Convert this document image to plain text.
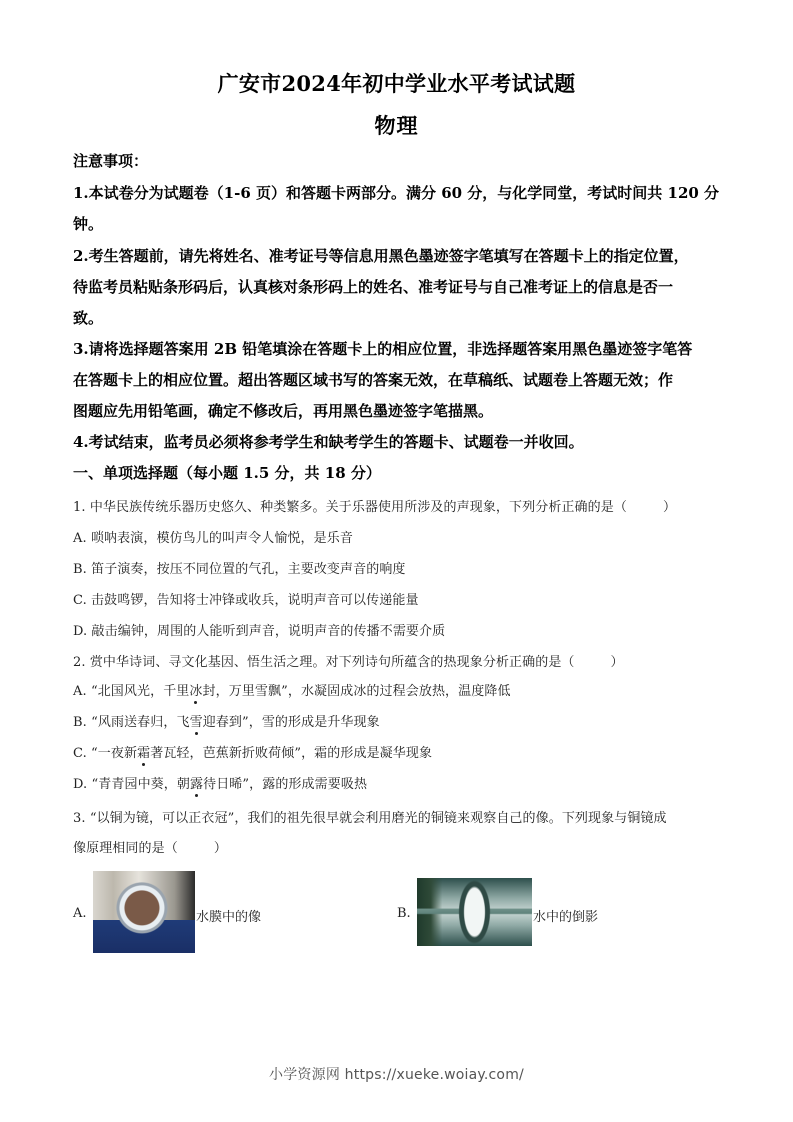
广安市2024年初中学业水平考试试题
物理
注意事项：
1.本试卷分为试题卷（1-6 页）和答题卡两部分。满分 60 分，与化学同堂，考试时间共 120 分
钟。
2.考生答题前，请先将姓名、准考证号等信息用黑色墨迹签字笔填写在答题卡上的指定位置，
待监考员粘贴条形码后，认真核对条形码上的姓名、准考证号与自己准考证上的信息是否一
致。
3.请将选择题答案用 2B 铅笔填涂在答题卡上的相应位置，非选择题答案用黑色墨迹签字笔答
在答题卡上的相应位置。超出答题区域书写的答案无效，在草稿纸、试题卷上答题无效；作
图题应先用铅笔画，确定不修改后，再用黑色墨迹签字笔描黑。
4.考试结束，监考员必须将参考学生和缺考学生的答题卡、试题卷一并收回。
一、单项选择题（每小题 1.5 分，共 18 分）
1. 中华民族传统乐器历史悠久、种类繁多。关于乐器使用所涉及的声现象，下列分析正确的是（	）
A. 唢呐表演，模仿鸟儿的叫声令人愉悦，是乐音
B. 笛子演奏，按压不同位置的气孔，主要改变声音的响度
C. 击鼓鸣锣，告知将士冲锋或收兵，说明声音可以传递能量
D. 敲击编钟，周围的人能听到声音，说明声音的传播不需要介质
2. 赏中华诗词、寻文化基因、悟生活之理。对下列诗句所蕴含的热现象分析正确的是（	）
A. “北国风光，千里冰封，万里雪飘”，水凝固成冰的过程会放热，温度降低
B. “风雨送春归，飞雪迎春到”，雪的形成是升华现象
C. “一夜新霜著瓦轻，芭蕉新折败荷倾”，霜的形成是凝华现象
D. “青青园中葵，朝露待日晞”，露的形成需要吸热
3. “以铜为镜，可以正衣冠”，我们的祖先很早就会利用磨光的铜镜来观察自己的像。下列现象与铜镜成
像原理相同的是（	）
A.	水膜中的像	B.	水中的倒影
小学资源网 https://xueke.woiay.com/
